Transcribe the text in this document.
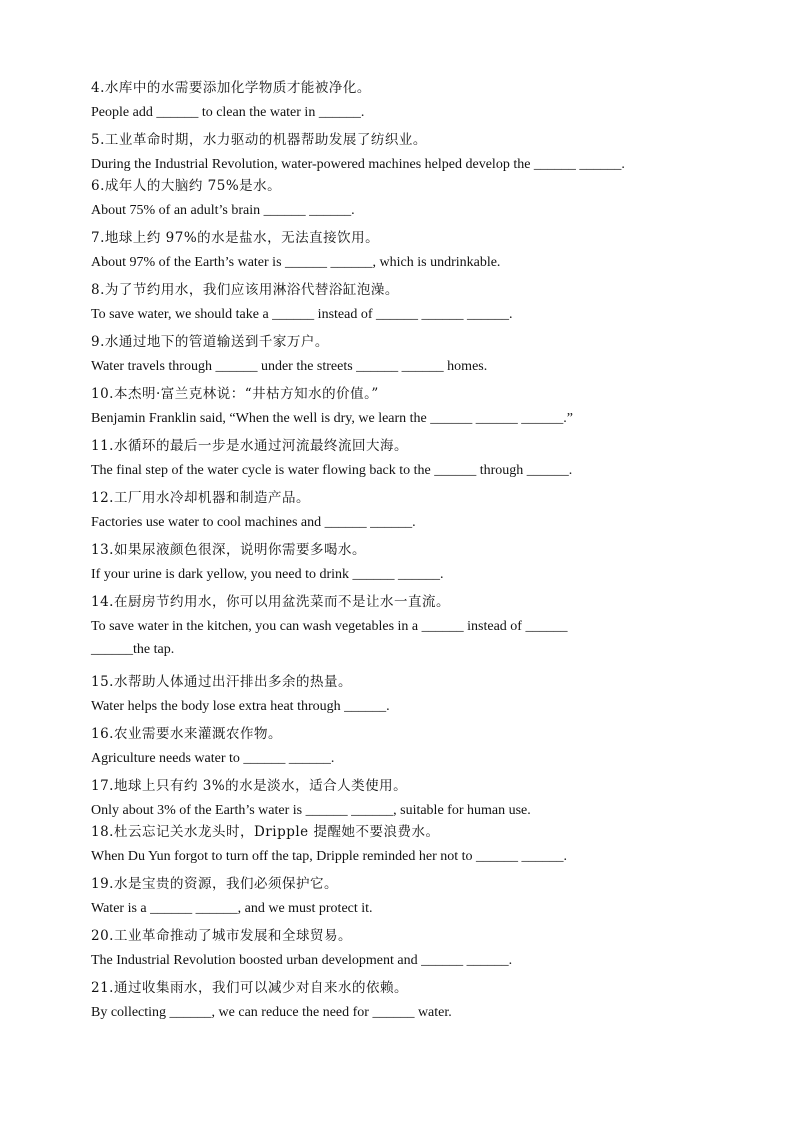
4.水库中的水需要添加化学物质才能被净化。
People add ______ to clean the water in ______.
5.工业革命时期，水力驱动的机器帮助发展了纺织业。
During the Industrial Revolution, water-powered machines helped develop the ______ ______.
6.成年人的大脑约 75%是水。
About 75% of an adult’s brain ______ ______.
7.地球上约 97%的水是盐水，无法直接饮用。
About 97% of the Earth’s water is ______ ______, which is undrinkable.
8.为了节约用水，我们应该用淋浴代替浴缸泡澡。
To save water, we should take a ______ instead of ______ ______ ______.
9.水通过地下的管道输送到千家万户。
Water travels through ______ under the streets ______ ______ homes.
10.本杰明·富兰克林说：“井枯方知水的价值。”
Benjamin Franklin said, “When the well is dry, we learn the ______ ______ ______.”
11.水循环的最后一步是水通过河流最终流回大海。
The final step of the water cycle is water flowing back to the ______ through ______.
12.工厂用水冷却机器和制造产品。
Factories use water to cool machines and ______ ______.
13.如果尿液颜色很深，说明你需要多喝水。
If your urine is dark yellow, you need to drink ______ ______.
14.在厨房节约用水，你可以用盆洗菜而不是让水一直流。
To save water in the kitchen, you can wash vegetables in a ______ instead of ______
______the tap.
15.水帮助人体通过出汗排出多余的热量。
Water helps the body lose extra heat through ______.
16.农业需要水来灌溉农作物。
Agriculture needs water to ______ ______.
17.地球上只有约 3%的水是淡水，适合人类使用。
Only about 3% of the Earth’s water is ______ ______, suitable for human use.
18.杜云忘记关水龙头时，Dripple 提醒她不要浪费水。
When Du Yun forgot to turn off the tap, Dripple reminded her not to ______ ______.
19.水是宝贵的资源，我们必须保护它。
Water is a ______ ______, and we must protect it.
20.工业革命推动了城市发展和全球贸易。
The Industrial Revolution boosted urban development and ______ ______.
21.通过收集雨水，我们可以减少对自来水的依赖。
By collecting ______, we can reduce the need for ______ water.
